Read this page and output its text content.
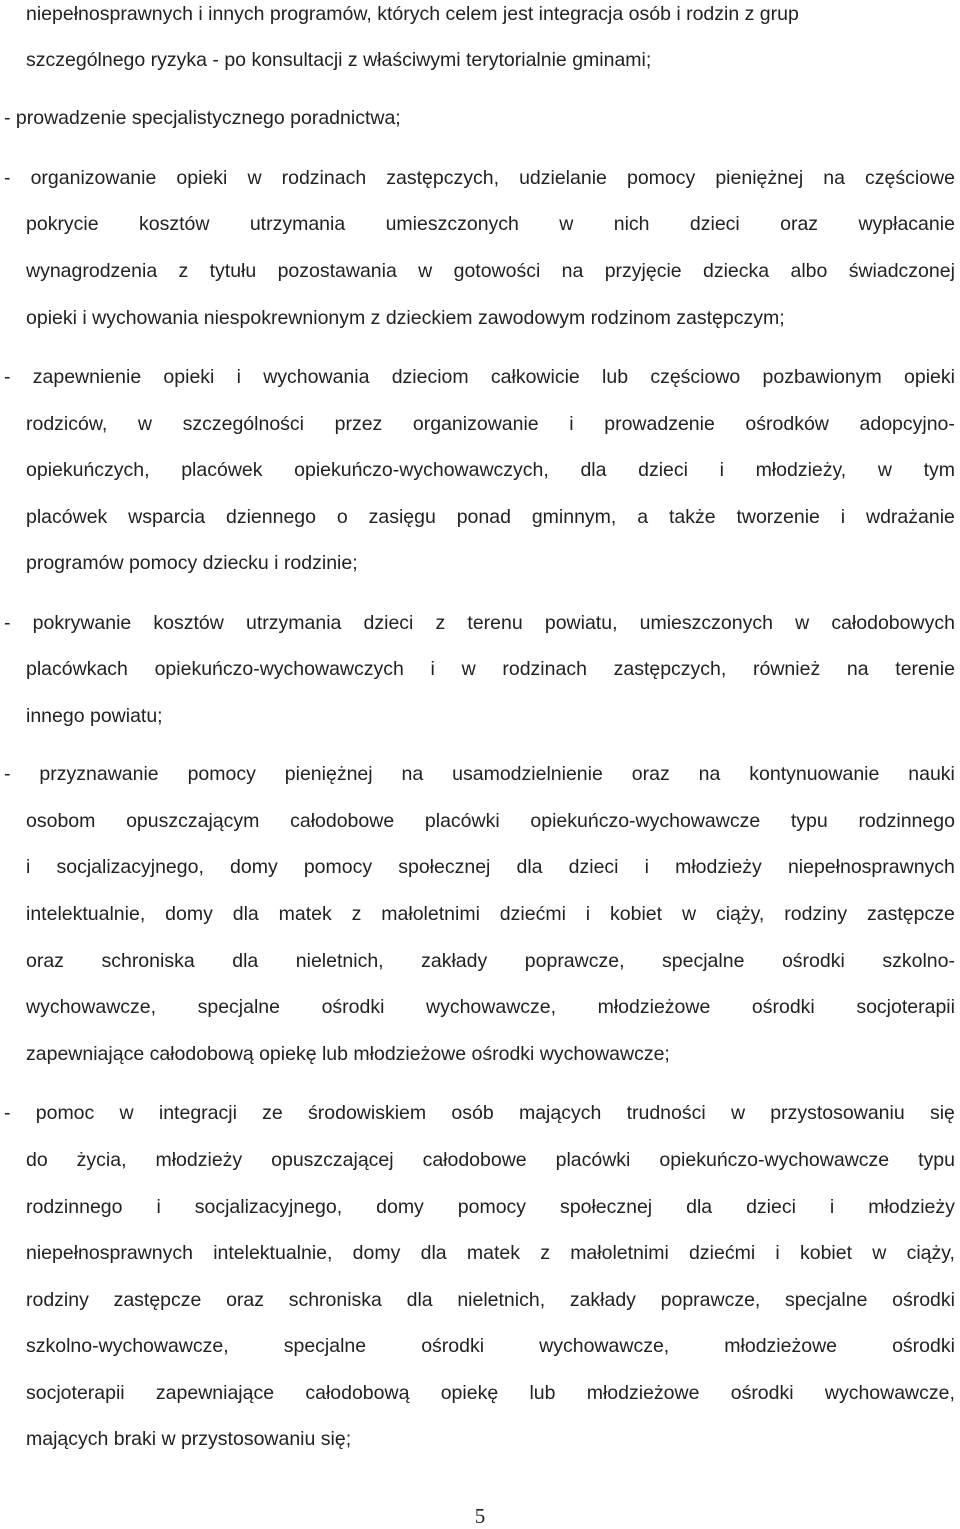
niepełnosprawnych i innych programów, których celem jest integracja osób i rodzin z grup
szczególnego ryzyka - po konsultacji z właściwymi terytorialnie gminami;
- prowadzenie specjalistycznego poradnictwa;
- organizowanie opieki w rodzinach zastępczych, udzielanie pomocy pieniężnej na częściowe
pokrycie kosztów utrzymania umieszczonych w nich dzieci oraz wypłacanie
wynagrodzenia z tytułu pozostawania w gotowości na przyjęcie dziecka albo świadczonej
opieki i wychowania niespokrewnionym z dzieckiem zawodowym rodzinom zastępczym;
- zapewnienie opieki i wychowania dzieciom całkowicie lub częściowo pozbawionym opieki
rodziców, w szczególności przez organizowanie i prowadzenie ośrodków adopcyjno-
opiekuńczych, placówek opiekuńczo-wychowawczych, dla dzieci i młodzieży, w tym
placówek wsparcia dziennego o zasięgu ponad gminnym, a także tworzenie i wdrażanie
programów pomocy dziecku i rodzinie;
- pokrywanie kosztów utrzymania dzieci z terenu powiatu, umieszczonych w całodobowych
placówkach opiekuńczo-wychowawczych i w rodzinach zastępczych, również na terenie
innego powiatu;
- przyznawanie pomocy pieniężnej na usamodzielnienie oraz na kontynuowanie nauki
osobom opuszczającym całodobowe placówki opiekuńczo-wychowawcze typu rodzinnego
i socjalizacyjnego, domy pomocy społecznej dla dzieci i młodzieży niepełnosprawnych
intelektualnie, domy dla matek z małoletnimi dziećmi i kobiet w ciąży, rodziny zastępcze
oraz schroniska dla nieletnich, zakłady poprawcze, specjalne ośrodki szkolno-
wychowawcze, specjalne ośrodki wychowawcze, młodzieżowe ośrodki socjoterapii
zapewniające całodobową opiekę lub młodzieżowe ośrodki wychowawcze;
- pomoc w integracji ze środowiskiem osób mających trudności w przystosowaniu się
do życia, młodzieży opuszczającej całodobowe placówki opiekuńczo-wychowawcze typu
rodzinnego i socjalizacyjnego, domy pomocy społecznej dla dzieci i młodzieży
niepełnosprawnych intelektualnie, domy dla matek z małoletnimi dziećmi i kobiet w ciąży,
rodziny zastępcze oraz schroniska dla nieletnich, zakłady poprawcze, specjalne ośrodki
szkolno-wychowawcze,	specjalne	ośrodki	wychowawcze,	młodzieżowe	ośrodki
socjoterapii zapewniające całodobową opiekę lub młodzieżowe ośrodki wychowawcze,
mających braki w przystosowaniu się;
5
